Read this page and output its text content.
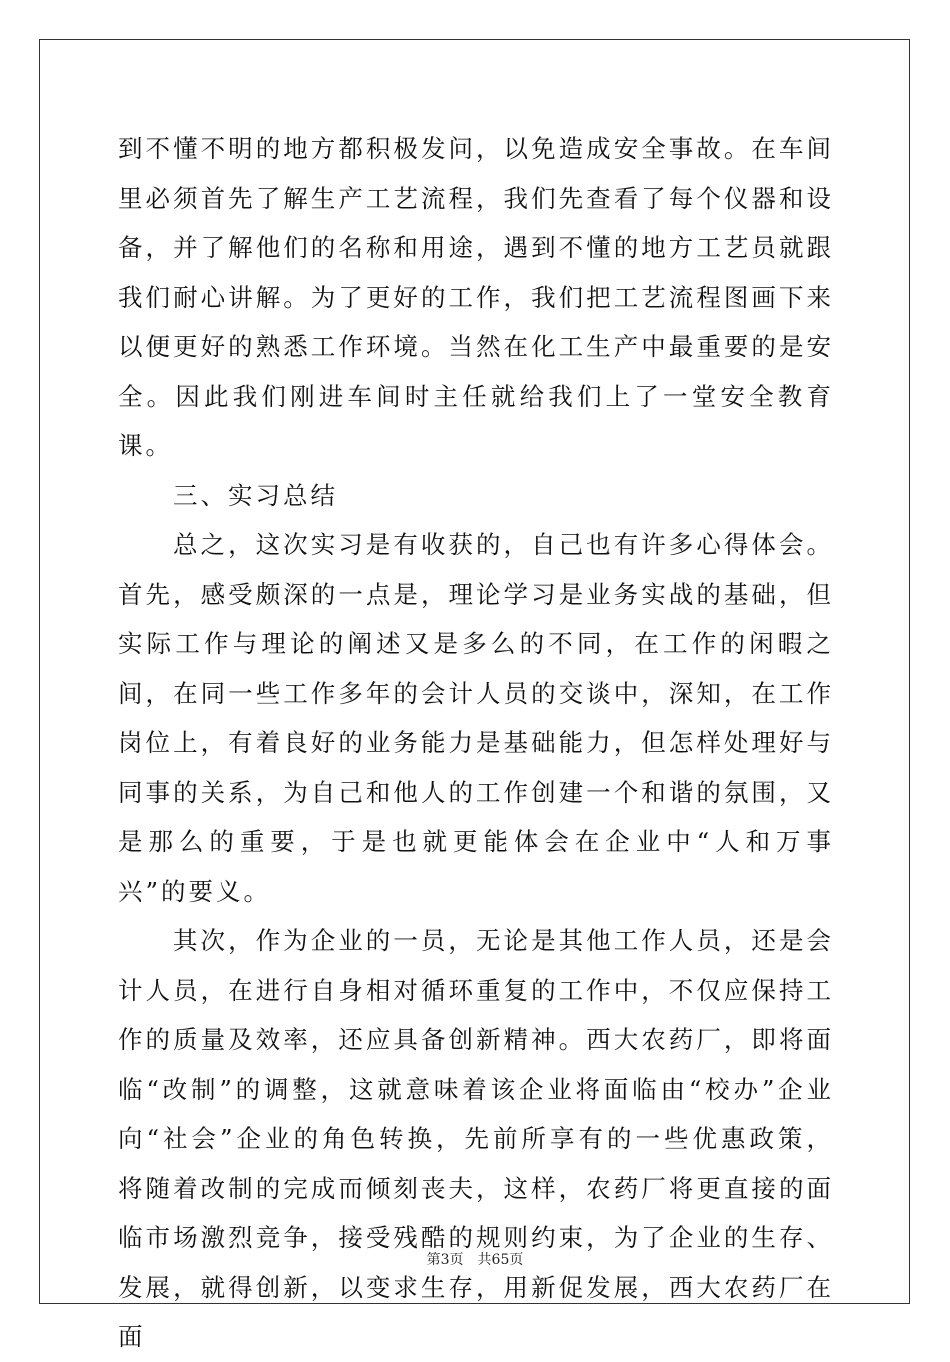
到不懂不明的地方都积极发问，以免造成安全事故。在车间里必须首先了解生产工艺流程，我们先查看了每个仪器和设备，并了解他们的名称和用途，遇到不懂的地方工艺员就跟我们耐心讲解。为了更好的工作，我们把工艺流程图画下来以便更好的熟悉工作环境。当然在化工生产中最重要的是安全。因此我们刚进车间时主任就给我们上了一堂安全教育课。

三、实习总结

总之，这次实习是有收获的，自己也有许多心得体会。首先，感受颇深的一点是，理论学习是业务实战的基础，但实际工作与理论的阐述又是多么的不同，在工作的闲暇之间，在同一些工作多年的会计人员的交谈中，深知，在工作岗位上，有着良好的业务能力是基础能力，但怎样处理好与同事的关系，为自己和他人的工作创建一个和谐的氛围，又是那么的重要，于是也就更能体会在企业中“人和万事兴”的要义。

其次，作为企业的一员，无论是其他工作人员，还是会计人员，在进行自身相对循环重复的工作中，不仅应保持工作的质量及效率，还应具备创新精神。西大农药厂，即将面临“改制”的调整，这就意味着该企业将面临由“校办”企业向“社会”企业的角色转换，先前所享有的一些优惠政策，将随着改制的完成而倾刻丧夫，这样，农药厂将更直接的面临市场激烈竞争，接受残酷的规则约束，为了企业的生存、发展，就得创新，以变求生存，用新促发展，西大农药厂在面

第3页 共65页
